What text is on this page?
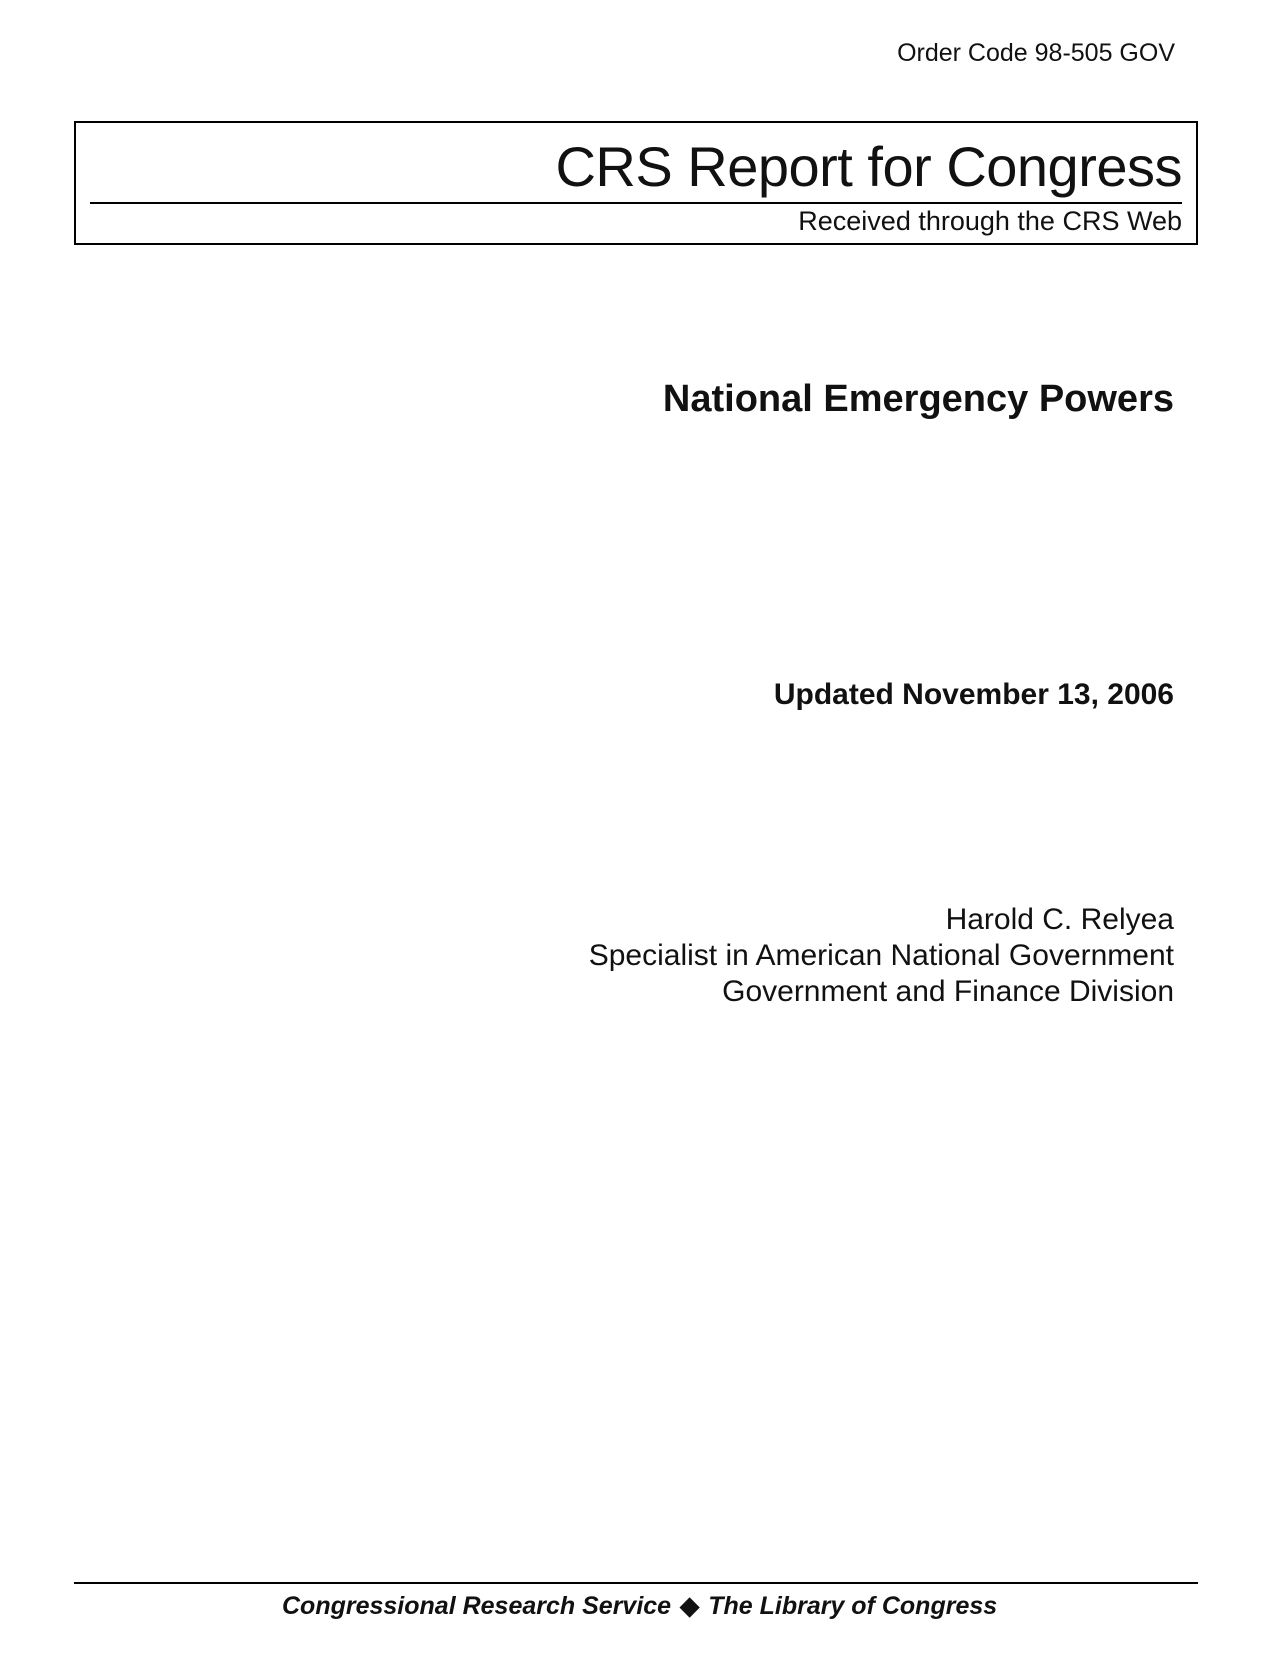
Order Code 98-505 GOV
CRS Report for Congress
Received through the CRS Web
National Emergency Powers
Updated November 13, 2006
Harold C. Relyea
Specialist in American National Government
Government and Finance Division
Congressional Research Service ◆ The Library of Congress
